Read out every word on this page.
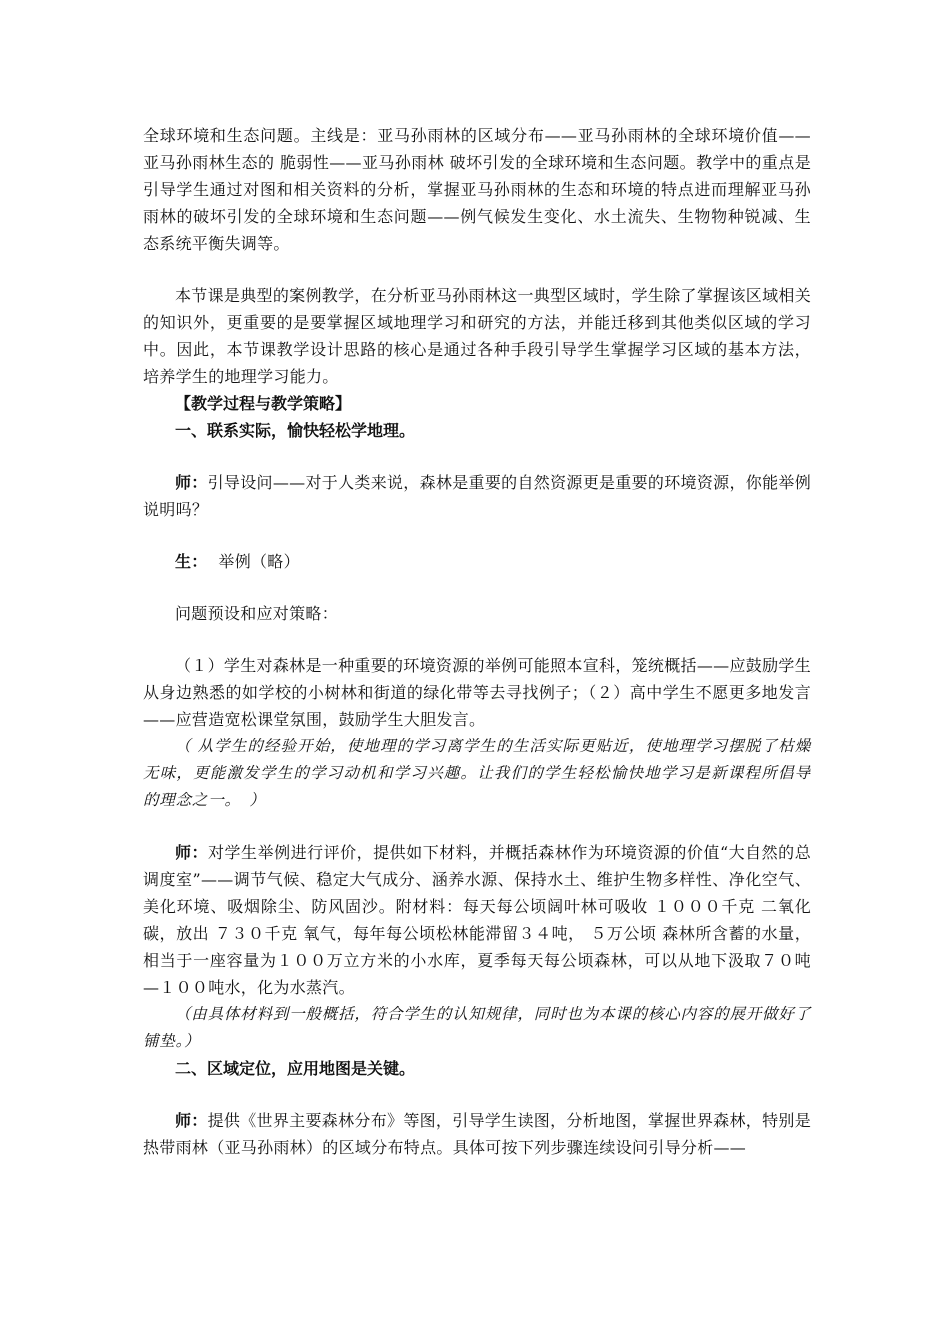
全球环境和生态问题。主线是：亚马孙雨林的区域分布——亚马孙雨林的全球环境价值——亚马孙雨林生态的 脆弱性——亚马孙雨林 破坏引发的全球环境和生态问题。教学中的重点是引导学生通过对图和相关资料的分析，掌握亚马孙雨林的生态和环境的特点进而理解亚马孙雨林的破坏引发的全球环境和生态问题——例气候发生变化、水土流失、生物物种锐减、生态系统平衡失调等。

本节课是典型的案例教学，在分析亚马孙雨林这一典型区域时，学生除了掌握该区域相关的知识外，更重要的是要掌握区域地理学习和研究的方法，并能迁移到其他类似区域的学习中。因此，本节课教学设计思路的核心是通过各种手段引导学生掌握学习区域的基本方法，培养学生的地理学习能力。

【教学过程与教学策略】

一、联系实际，愉快轻松学地理。

师：引导设问——对于人类来说，森林是重要的自然资源更是重要的环境资源，你能举例说明吗？

生： 举例（略）

问题预设和应对策略：

（１）学生对森林是一种重要的环境资源的举例可能照本宣科，笼统概括——应鼓励学生从身边熟悉的如学校的小树林和街道的绿化带等去寻找例子；（２）高中学生不愿更多地发言——应营造宽松课堂氛围，鼓励学生大胆发言。

（ 从学生的经验开始，使地理的学习离学生的生活实际更贴近，使地理学习摆脱了枯燥无味，更能激发学生的学习动机和学习兴趣。让我们的学生轻松愉快地学习是新课程所倡导的理念之一。　）

师：对学生举例进行评价，提供如下材料，并概括森林作为环境资源的价值“大自然的总调度室”——调节气候、稳定大气成分、涵养水源、保持水土、维护生物多样性、净化空气、美化环境、吸烟除尘、防风固沙。附材料：每天每公顷阔叶林可吸收 １０００千克 二氧化碳，放出 ７３０千克 氧气，每年每公顷松林能滞留３４吨， ５万公顷 森林所含蓄的水量，相当于一座容量为１００万立方米的小水库，夏季每天每公顷森林，可以从地下汲取７０吨—１００吨水，化为水蒸汽。

（由具体材料到一般概括，符合学生的认知规律，同时也为本课的核心内容的展开做好了铺垫。）

二、区域定位，应用地图是关键。

师：提供《世界主要森林分布》等图，引导学生读图，分析地图，掌握世界森林，特别是热带雨林（亚马孙雨林）的区域分布特点。具体可按下列步骤连续设问引导分析——
